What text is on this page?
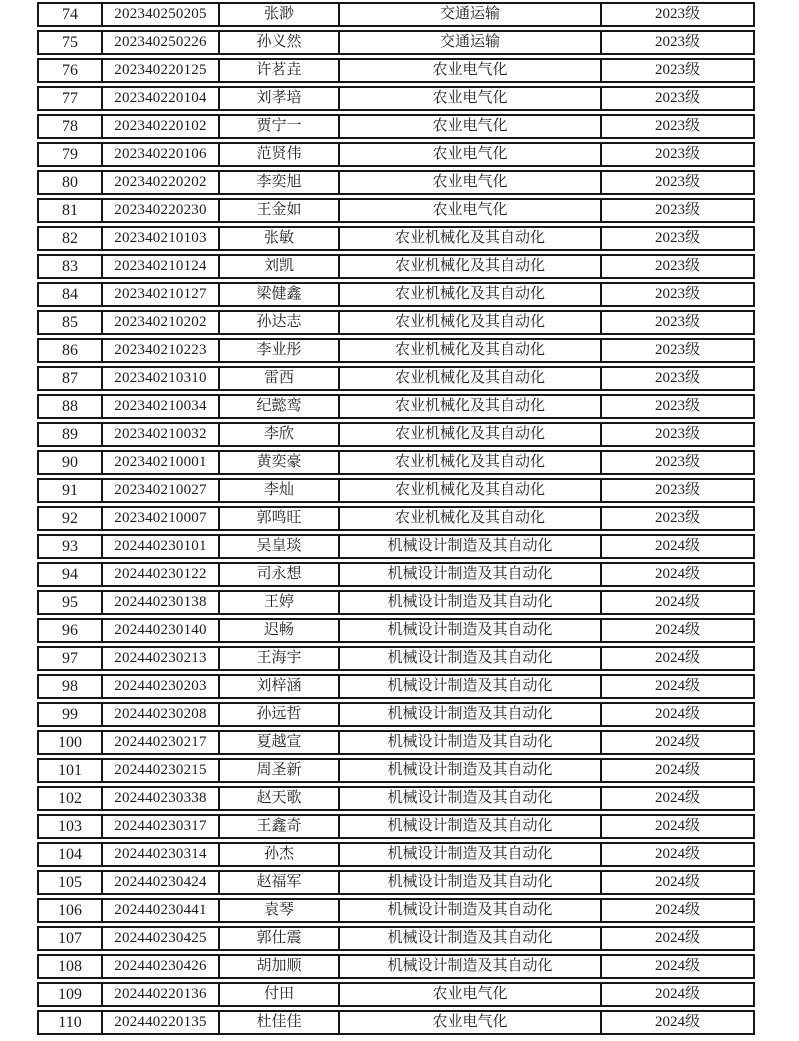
74	202340250205	张渺	交通运输	2023级
75	202340250226	孙义然	交通运输	2023级
76	202340220125	许茗垚	农业电气化	2023级
77	202340220104	刘孝培	农业电气化	2023级
78	202340220102	贾宁一	农业电气化	2023级
79	202340220106	范贤伟	农业电气化	2023级
80	202340220202	李奕旭	农业电气化	2023级
81	202340220230	王金如	农业电气化	2023级
82	202340210103	张敏	农业机械化及其自动化	2023级
83	202340210124	刘凯	农业机械化及其自动化	2023级
84	202340210127	梁健鑫	农业机械化及其自动化	2023级
85	202340210202	孙达志	农业机械化及其自动化	2023级
86	202340210223	李业彤	农业机械化及其自动化	2023级
87	202340210310	雷西	农业机械化及其自动化	2023级
88	202340210034	纪懿鸾	农业机械化及其自动化	2023级
89	202340210032	李欣	农业机械化及其自动化	2023级
90	202340210001	黄奕豪	农业机械化及其自动化	2023级
91	202340210027	李灿	农业机械化及其自动化	2023级
92	202340210007	郭鸣旺	农业机械化及其自动化	2023级
93	202440230101	吴皇琰	机械设计制造及其自动化	2024级
94	202440230122	司永想	机械设计制造及其自动化	2024级
95	202440230138	王婷	机械设计制造及其自动化	2024级
96	202440230140	迟畅	机械设计制造及其自动化	2024级
97	202440230213	王海宇	机械设计制造及其自动化	2024级
98	202440230203	刘梓涵	机械设计制造及其自动化	2024级
99	202440230208	孙远哲	机械设计制造及其自动化	2024级
100	202440230217	夏越宣	机械设计制造及其自动化	2024级
101	202440230215	周圣新	机械设计制造及其自动化	2024级
102	202440230338	赵天歌	机械设计制造及其自动化	2024级
103	202440230317	王鑫奇	机械设计制造及其自动化	2024级
104	202440230314	孙杰	机械设计制造及其自动化	2024级
105	202440230424	赵福军	机械设计制造及其自动化	2024级
106	202440230441	袁琴	机械设计制造及其自动化	2024级
107	202440230425	郭仕震	机械设计制造及其自动化	2024级
108	202440230426	胡加顺	机械设计制造及其自动化	2024级
109	202440220136	付田	农业电气化	2024级
110	202440220135	杜佳佳	农业电气化	2024级
